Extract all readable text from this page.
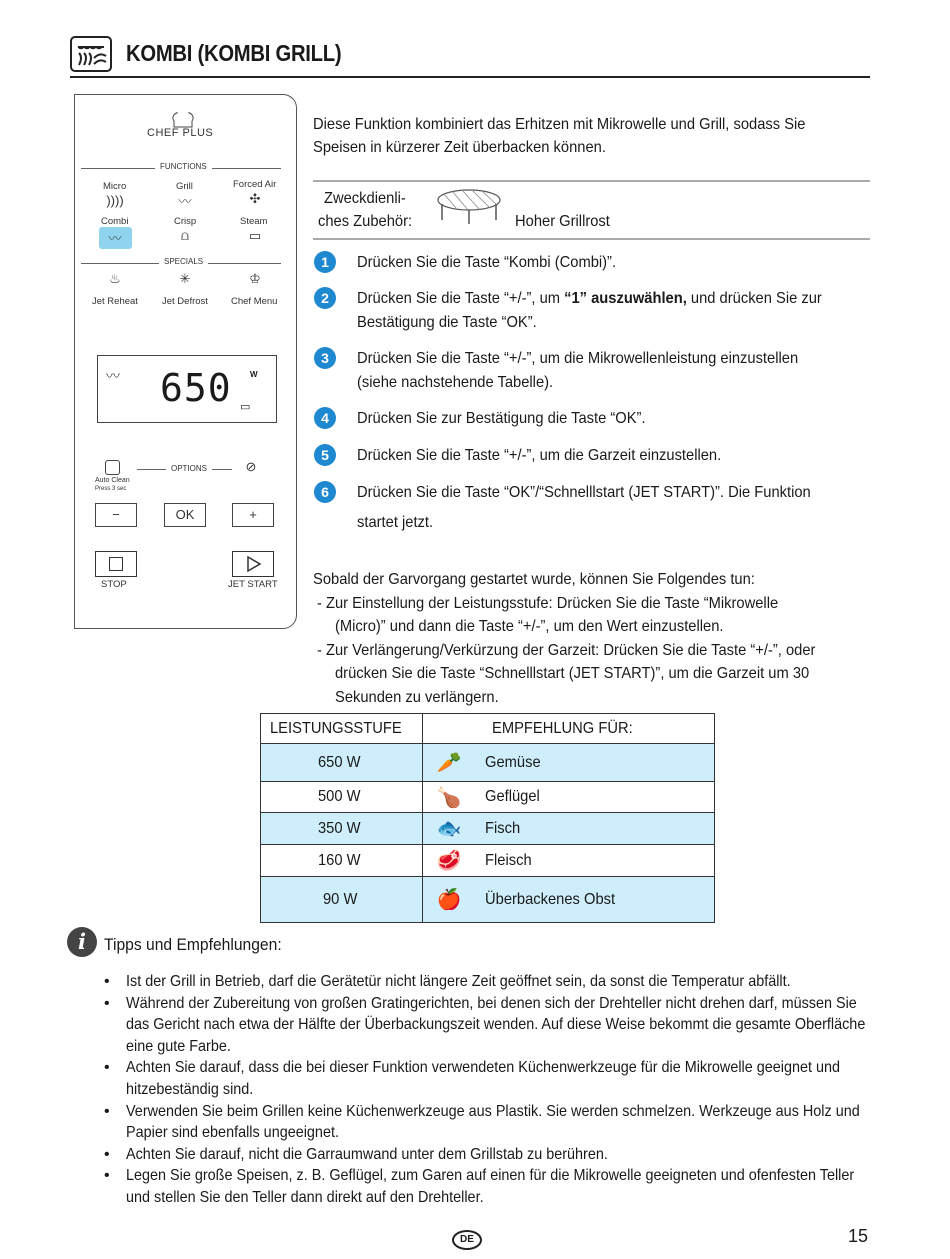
KOMBI (KOMBI GRILL)
CHEF PLUS
FUNCTIONS
Micro	Grill	Forced Air
))))	〰	✣
Combi	Crisp	Steam
〰	⩍	▭
SPECIALS
♨	✳	♔
Jet Reheat	Jet Defrost Chef Menu
〰 650 W
▭
Auto Clean
Press 3 sec
OPTIONS	⊘
−	OK	+
STOP	JET START
Diese Funktion kombiniert das Erhitzen mit Mikrowelle und Grill, sodass Sie
Speisen in kürzerer Zeit überbacken können.
Zweckdienli-
ches Zubehör:	Hoher Grillrost
1	Drücken Sie die Taste “Kombi (Combi)”.
2	Drücken Sie die Taste “+/-”, um “1” auszuwählen, und drücken Sie zur
Bestätigung die Taste “OK”.
3	Drücken Sie die Taste “+/-”, um die Mikrowellenleistung einzustellen
(siehe nachstehende Tabelle).
4	Drücken Sie zur Bestätigung die Taste “OK”.
5	Drücken Sie die Taste “+/-”, um die Garzeit einzustellen.
6	Drücken Sie die Taste “OK”/“Schnelllstart (JET START)”. Die Funktion
startet jetzt.
Sobald der Garvorgang gestartet wurde, können Sie Folgendes tun:
- Zur Einstellung der Leistungsstufe: Drücken Sie die Taste “Mikrowelle
(Micro)” und dann die Taste “+/-”, um den Wert einzustellen.
- Zur Verlängerung/Verkürzung der Garzeit: Drücken Sie die Taste “+/-”, oder
drücken Sie die Taste “Schnelllstart (JET START)”, um die Garzeit um 30
Sekunden zu verlängern.
LEISTUNGSSTUFE	EMPFEHLUNG FÜR:
650 W	🥕 Gemüse

500 W	🍗 Geflügel

350 W	🐟 Fisch

160 W	🥩 Fleisch

90 W	🍎 Überbackenes Obst
i	Tipps und Empfehlungen:
• Ist der Grill in Betrieb, darf die Gerätetür nicht längere Zeit geöffnet sein, da sonst die Temperatur abfällt.
• Während der Zubereitung von großen Gratingerichten, bei denen sich der Drehteller nicht drehen darf, müssen Sie das Gericht nach etwa der Hälfte der Überbackungszeit wenden. Auf diese Weise bekommt die gesamte Oberfläche eine gute Farbe.
• Achten Sie darauf, dass die bei dieser Funktion verwendeten Küchenwerkzeuge für die Mikrowelle geeignet und hitzebeständig sind.
• Verwenden Sie beim Grillen keine Küchenwerkzeuge aus Plastik. Sie werden schmelzen. Werkzeuge aus Holz und Papier sind ebenfalls ungeeignet.
• Achten Sie darauf, nicht die Garraumwand unter dem Grillstab zu berühren.
• Legen Sie große Speisen, z. B. Geflügel, zum Garen auf einen für die Mikrowelle geeigneten und ofenfesten Teller und stellen Sie den Teller dann direkt auf den Drehteller.
DE	15
